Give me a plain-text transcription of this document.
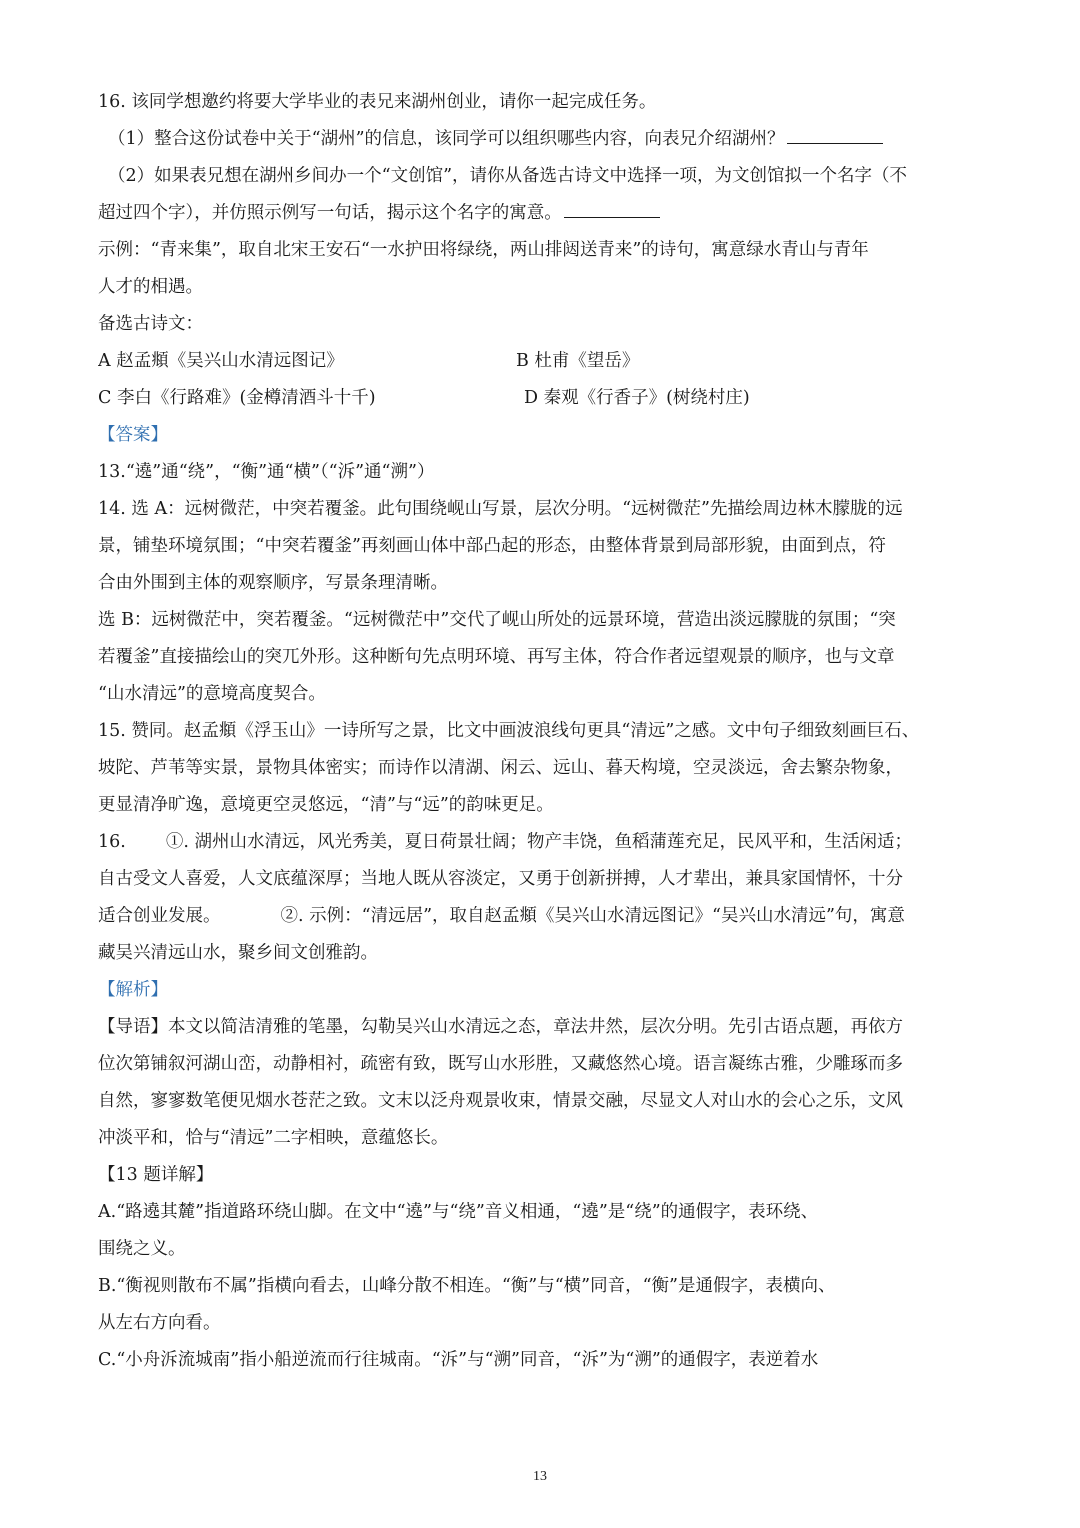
16. 该同学想邀约将要大学毕业的表兄来湖州创业，请你一起完成任务。
（1）整合这份试卷中关于“湖州”的信息，该同学可以组织哪些内容，向表兄介绍湖州？
（2）如果表兄想在湖州乡间办一个“文创馆”，请你从备选古诗文中选择一项，为文创馆拟一个名字（不
超过四个字），并仿照示例写一句话，揭示这个名字的寓意。
示例：“青来集”，取自北宋王安石“一水护田将绿绕，两山排闼送青来”的诗句，寓意绿水青山与青年
人才的相遇。
备选古诗文：
A 赵孟頫《吴兴山水清远图记》	B 杜甫《望岳》
C 李白《行路难》(金樽清酒斗十千)	D 秦观《行香子》(树绕村庄)
【答案】
13.“遶”通“绕”，“衡”通“横”（“泝”通“溯”）
14. 选 A：远树微茫，中突若覆釜。此句围绕岘山写景，层次分明。“远树微茫”先描绘周边林木朦胧的远
景，铺垫环境氛围；“中突若覆釜”再刻画山体中部凸起的形态，由整体背景到局部形貌，由面到点，符
合由外围到主体的观察顺序，写景条理清晰。
选 B：远树微茫中，突若覆釜。“远树微茫中”交代了岘山所处的远景环境，营造出淡远朦胧的氛围；“突
若覆釜”直接描绘山的突兀外形。这种断句先点明环境、再写主体，符合作者远望观景的顺序，也与文章
“山水清远”的意境高度契合。
15. 赞同。赵孟頫《浮玉山》一诗所写之景，比文中画波浪线句更具“清远”之感。文中句子细致刻画巨石、
坡陀、芦苇等实景，景物具体密实；而诗作以清湖、闲云、远山、暮天构境，空灵淡远，舍去繁杂物象，
更显清净旷逸，意境更空灵悠远，“清”与“远”的韵味更足。
16. ①. 湖州山水清远，风光秀美，夏日荷景壮阔；物产丰饶，鱼稻蒲莲充足，民风平和，生活闲适；
自古受文人喜爱，人文底蕴深厚；当地人既从容淡定，又勇于创新拼搏，人才辈出，兼具家国情怀，十分
适合创业发展。	②. 示例：“清远居”，取自赵孟頫《吴兴山水清远图记》“吴兴山水清远”句，寓意
藏吴兴清远山水，聚乡间文创雅韵。
【解析】
【导语】本文以简洁清雅的笔墨，勾勒吴兴山水清远之态，章法井然，层次分明。先引古语点题，再依方
位次第铺叙河湖山峦，动静相衬，疏密有致，既写山水形胜，又藏悠然心境。语言凝练古雅，少雕琢而多
自然，寥寥数笔便见烟水苍茫之致。文末以泛舟观景收束，情景交融，尽显文人对山水的会心之乐，文风
冲淡平和，恰与“清远”二字相映，意蕴悠长。
【13 题详解】
A.“路遶其麓”指道路环绕山脚。在文中“遶”与“绕”音义相通，“遶”是“绕”的通假字，表环绕、
围绕之义。
B.“衡视则散布不属”指横向看去，山峰分散不相连。“衡”与“横”同音，“衡”是通假字，表横向、
从左右方向看。
C.“小舟泝流城南”指小船逆流而行往城南。“泝”与“溯”同音，“泝”为“溯”的通假字，表逆着水
13
